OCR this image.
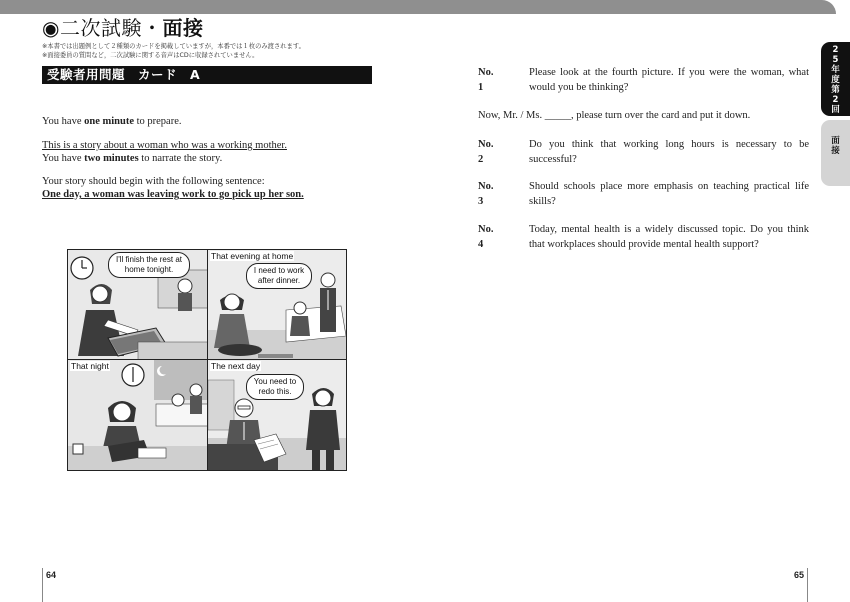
◉二次試験・面接
※本書では出題例として２種類のカードを掲載していますが，本番では１枚のみ渡されます。
※面接委員の質問など，二次試験に関する音声はCDに収録されていません。
受験者用問題　カード　A
You have one minute to prepare.
This is a story about a woman who was a working mother.
You have two minutes to narrate the story.
Your story should begin with the following sentence:
One day, a woman was leaving work to go pick up her son.
I'll finish the rest at home tonight.
That evening at home
I need to work after dinner.
That night	The next day
You need to redo this.
64
No. 1
Please look at the fourth picture. If you were the woman, what would you be thinking?
Now, Mr. / Ms. _____, please turn over the card and put it down.
No. 2
Do you think that working long hours is necessary to be successful?
No. 3
Should schools place more emphasis on teaching practical life skills?
No. 4
Today, mental health is a widely discussed topic. Do you think that workplaces should provide mental health support?
65
25年度第2回
面接
